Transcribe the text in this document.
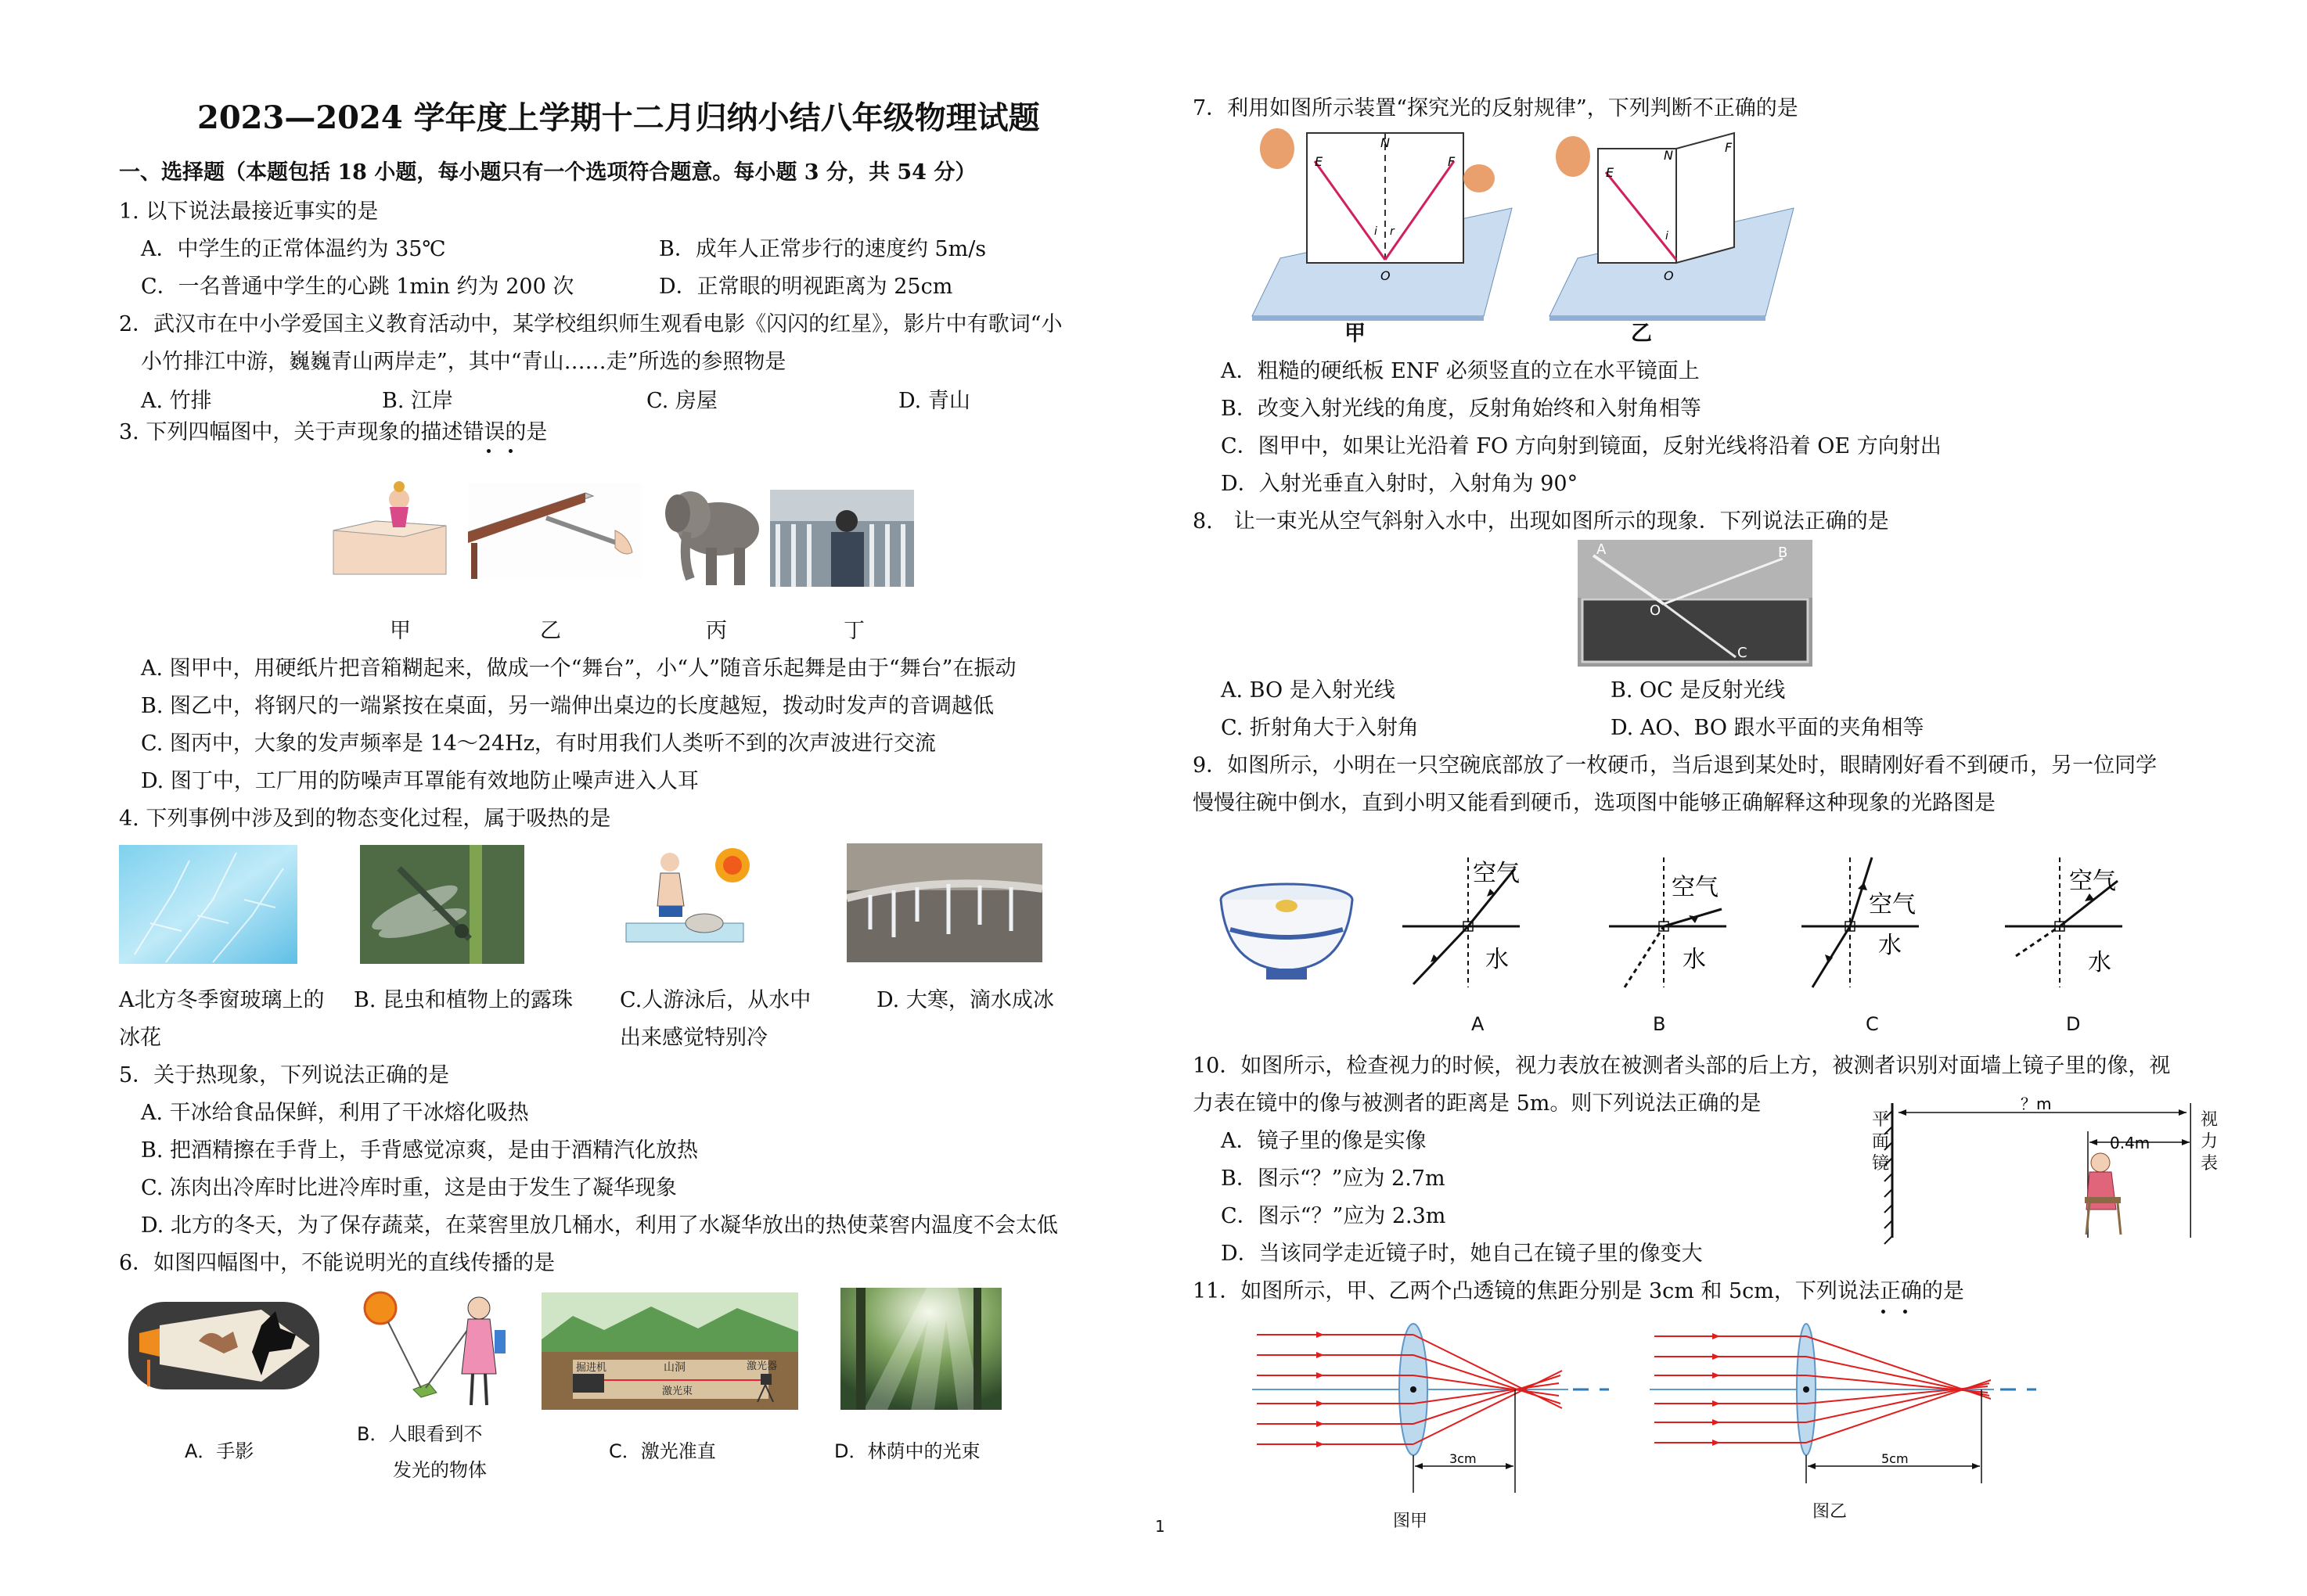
2023—2024 学年度上学期十二月归纳小结八年级物理试题
一、选择题（本题包括 18 小题，每小题只有一个选项符合题意。每小题 3 分，共 54 分）
1. 以下说法最接近事实的是
A．中学生的正常体温约为 35℃	B．成年人正常步行的速度约 5m/s
C．一名普通中学生的心跳 1min 约为 200 次	D．正常眼的明视距离为 25cm
2．武汉市在中小学爱国主义教育活动中，某学校组织师生观看电影《闪闪的红星》，影片中有歌词“小
小竹排江中游，巍巍青山两岸走”，其中“青山……走”所选的参照物是
A. 竹排	B. 江岸	C. 房屋	D. 青山
3. 下列四幅图中，关于声现象的描述错误的是
甲	乙	丙	丁
A. 图甲中，用硬纸片把音箱糊起来，做成一个“舞台”，小“人”随音乐起舞是由于“舞台”在振动
B. 图乙中，将钢尺的一端紧按在桌面，另一端伸出桌边的长度越短，拨动时发声的音调越低
C. 图丙中，大象的发声频率是 14～24Hz，有时用我们人类听不到的次声波进行交流
D. 图丁中，工厂用的防噪声耳罩能有效地防止噪声进入人耳
4. 下列事例中涉及到的物态变化过程，属于吸热的是
A北方冬季窗玻璃上的
冰花
B. 昆虫和植物上的露珠 C.人游泳后，从水中
出来感觉特别冷
D. 大寒，滴水成冰
5．关于热现象，下列说法正确的是
A. 干冰给食品保鲜，利用了干冰熔化吸热
B. 把酒精擦在手背上，手背感觉凉爽，是由于酒精汽化放热
C. 冻肉出冷库时比进冷库时重，这是由于发生了凝华现象
D. 北方的冬天，为了保存蔬菜，在菜窖里放几桶水，利用了水凝华放出的热使菜窖内温度不会太低
6．如图四幅图中，不能说明光的直线传播的是
山洞
掘进机
激光束
激光器
A．手影
B．人眼看到不
发光的物体
C．激光准直	D．林荫中的光束
1
7．利用如图所示装置“探究光的反射规律”，下列判断不正确的是
E	F
N
O
i r
甲
E
F
N
O
i
乙
A．粗糙的硬纸板 ENF 必须竖直的立在水平镜面上
B．改变入射光线的角度，反射角始终和入射角相等
C．图甲中，如果让光沿着 FO 方向射到镜面，反射光线将沿着 OE 方向射出
D．入射光垂直入射时，入射角为 90°
8.　让一束光从空气斜射入水中，出现如图所示的现象．下列说法正确的是
A	B
O
C
A. BO 是入射光线	B. OC 是反射光线
C. 折射角大于入射角	D. AO、BO 跟水平面的夹角相等
9．如图所示，小明在一只空碗底部放了一枚硬币，当后退到某处时，眼睛刚好看不到硬币，另一位同学
慢慢往碗中倒水，直到小明又能看到硬币，选项图中能够正确解释这种现象的光路图是
空气
水
空气
水
空气
水
空气
水
A	B	C	D
10．如图所示，检查视力的时候，视力表放在被测者头部的后上方，被测者识别对面墙上镜子里的像，视
力表在镜中的像与被测者的距离是 5m。则下列说法正确的是
A．镜子里的像是实像
B．图示“？”应为 2.7m
C．图示“？”应为 2.3m
D．当该同学走近镜子时，她自己在镜子里的像变大
？m
0.4m
平
面
镜
视
力
表
11．如图所示，甲、乙两个凸透镜的焦距分别是 3cm 和 5cm，下列说法正确的是
3cm	5cm
图甲	图乙
